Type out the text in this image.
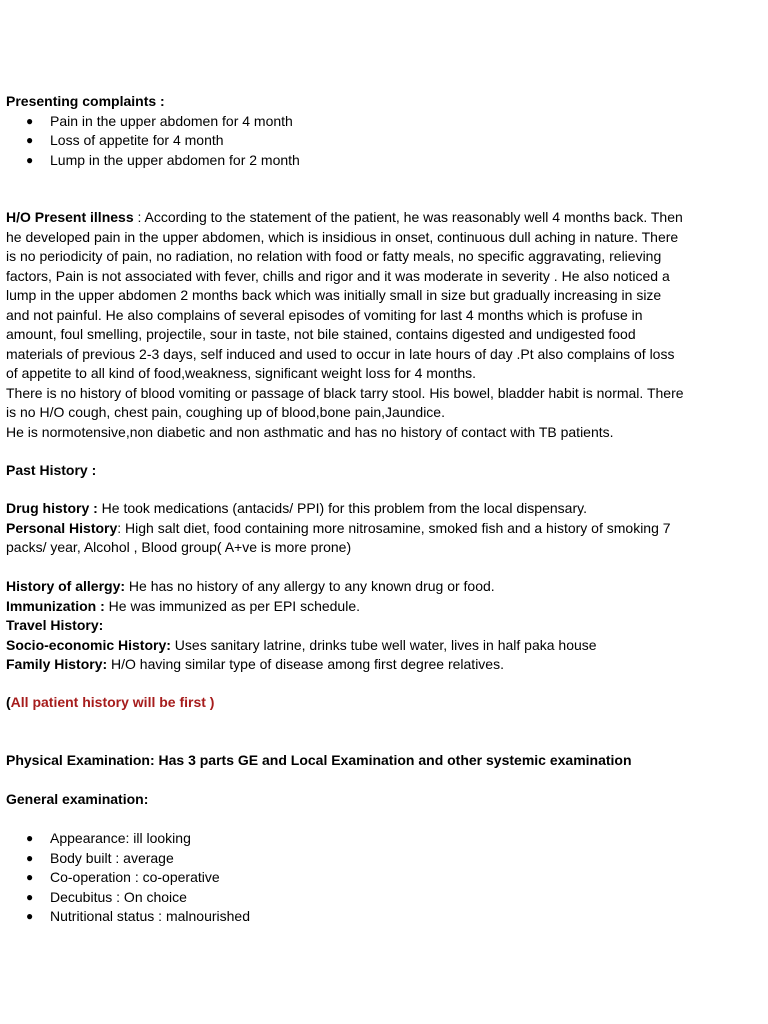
Presenting complaints :
● Pain in the upper abdomen for 4 month
● Loss of appetite for 4 month
● Lump in the upper abdomen for 2 month
H/O Present illness : According to the statement of the patient, he was reasonably well 4 months back. Then
he developed pain in the upper abdomen, which is insidious in onset, continuous dull aching in nature. There
is no periodicity of pain, no radiation, no relation with food or fatty meals, no specific aggravating, relieving
factors, Pain is not associated with fever, chills and rigor and it was moderate in severity . He also noticed a
lump in the upper abdomen 2 months back which was initially small in size but gradually increasing in size
and not painful. He also complains of several episodes of vomiting for last 4 months which is profuse in
amount, foul smelling, projectile, sour in taste, not bile stained, contains digested and undigested food
materials of previous 2-3 days, self induced and used to occur in late hours of day .Pt also complains of loss
of appetite to all kind of food,weakness, significant weight loss for 4 months.
There is no history of blood vomiting or passage of black tarry stool. His bowel, bladder habit is normal. There
is no H/O cough, chest pain, coughing up of blood,bone pain,Jaundice.
He is normotensive,non diabetic and non asthmatic and has no history of contact with TB patients.
Past History :
Drug history : He took medications (antacids/ PPI) for this problem from the local dispensary.
Personal History: High salt diet, food containing more nitrosamine, smoked fish and a history of smoking 7
packs/ year, Alcohol , Blood group( A+ve is more prone)
History of allergy: He has no history of any allergy to any known drug or food.
Immunization : He was immunized as per EPI schedule.
Travel History:
Socio-economic History: Uses sanitary latrine, drinks tube well water, lives in half paka house
Family History: H/O having similar type of disease among first degree relatives.
(All patient history will be first )
Physical Examination: Has 3 parts GE and Local Examination and other systemic examination
General examination:
● Appearance: ill looking
● Body built : average
● Co-operation : co-operative
● Decubitus : On choice
● Nutritional status : malnourished
